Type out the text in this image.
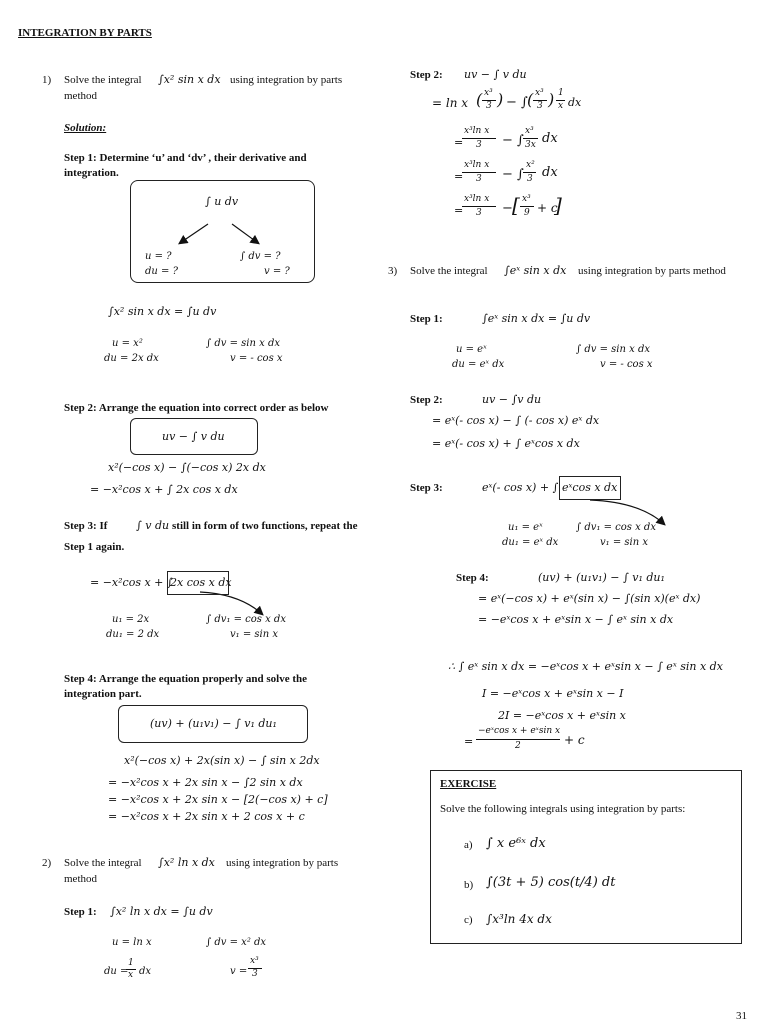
INTEGRATION BY PARTS
1) Solve the integral ∫x² sin x dx using integration by parts
method
Solution:
Step 1: Determine ‘u’ and ‘dv’ , their derivative and
integration.
∫ u dv
u = ?
du = ?
∫ dv = ?
v = ?
∫x² sin x dx = ∫u dv
u = x²
du = 2x dx
∫ dv = sin x dx
v = - cos x
Step 2: Arrange the equation into correct order as below
uv − ∫ v du
x²(−cos x) − ∫(−cos x) 2x dx
= −x²cos x + ∫ 2x cos x dx
Step 3: If	∫ v du still in form of two functions, repeat the
Step 1 again.
= −x²cos x + ∫
2x cos x dx
u₁ = 2x
du₁ = 2 dx
∫ dv₁ = cos x dx
v₁ = sin x
Step 4: Arrange the equation properly and solve the
integration part.
(uv) + (u₁v₁) − ∫ v₁ du₁
x²(−cos x) + 2x(sin x) − ∫ sin x 2dx
= −x²cos x + 2x sin x − ∫2 sin x dx
= −x²cos x + 2x sin x − [2(−cos x) + c]
= −x²cos x + 2x sin x + 2 cos x + c
2) Solve the integral ∫x² ln x dx using integration by parts
method
Step 1: ∫x² ln x dx = ∫u dv
u = ln x	∫ dv = x² dx
du =
1
x dx	v =
x³
3
Step 2: uv − ∫ v du
= ln x ( x³
3 ) − ∫ ( x³
3 ) 1
x dx
=
x³ln x
3 − ∫
x³
3x dx
=
x³ln x
3 − ∫
x²
3 dx
=
x³ln x
3 − [ x³
9 + c
]
3) Solve the integral ∫eˣ sin x dx using integration by parts method
Step 1:	∫eˣ sin x dx = ∫u dv
u = eˣ
du = eˣ dx
∫ dv = sin x dx
v = - cos x
Step 2:	uv − ∫v du
= eˣ(- cos x) − ∫ (- cos x) eˣ dx
= eˣ(- cos x) + ∫ eˣcos x dx
Step 3:	eˣ(- cos x) + ∫ eˣcos x dx
u₁ = eˣ
du₁ = eˣ dx
∫ dv₁ = cos x dx
v₁ = sin x
Step 4:	(uv) + (u₁v₁) − ∫ v₁ du₁
= eˣ(−cos x) + eˣ(sin x) − ∫(sin x)(eˣ dx)
= −eˣcos x + eˣsin x − ∫ eˣ sin x dx
∴ ∫ eˣ sin x dx = −eˣcos x + eˣsin x − ∫ eˣ sin x dx
I = −eˣcos x + eˣsin x − I
2I = −eˣcos x + eˣsin x
=
−eˣcos x + eˣsin x
2	+ c
EXERCISE
Solve the following integrals using integration by parts:
a) ∫ x e⁶ˣ dx
b) ∫(3t + 5) cos(t/4) dt
c) ∫x³ln 4x dx
31
